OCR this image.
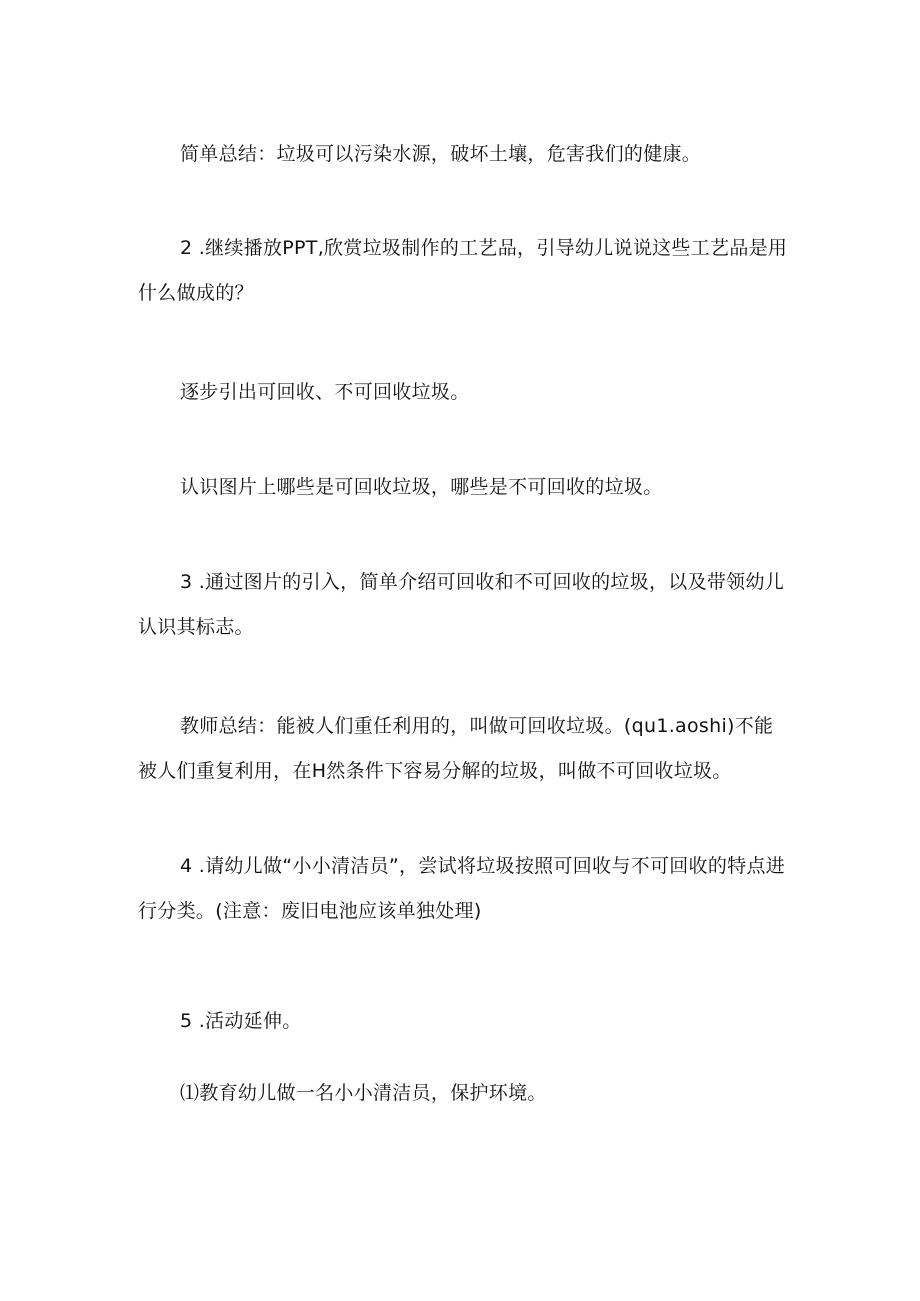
简单总结：垃圾可以污染水源，破坏土壤，危害我们的健康。

2 .继续播放PPT,欣赏垃圾制作的工艺品，引导幼儿说说这些工艺品是用什么做成的？

逐步引出可回收、不可回收垃圾。

认识图片上哪些是可回收垃圾，哪些是不可回收的垃圾。

3 .通过图片的引入，简单介绍可回收和不可回收的垃圾，以及带领幼儿认识其标志。

教师总结：能被人们重任利用的，叫做可回收垃圾。(qu1.aoshi)不能被人们重复利用，在H然条件下容易分解的垃圾，叫做不可回收垃圾。

4 .请幼儿做“小小清洁员”，尝试将垃圾按照可回收与不可回收的特点进行分类。(注意：废旧电池应该单独处理)

5 .活动延伸。

⑴教育幼儿做一名小小清洁员，保护环境。
